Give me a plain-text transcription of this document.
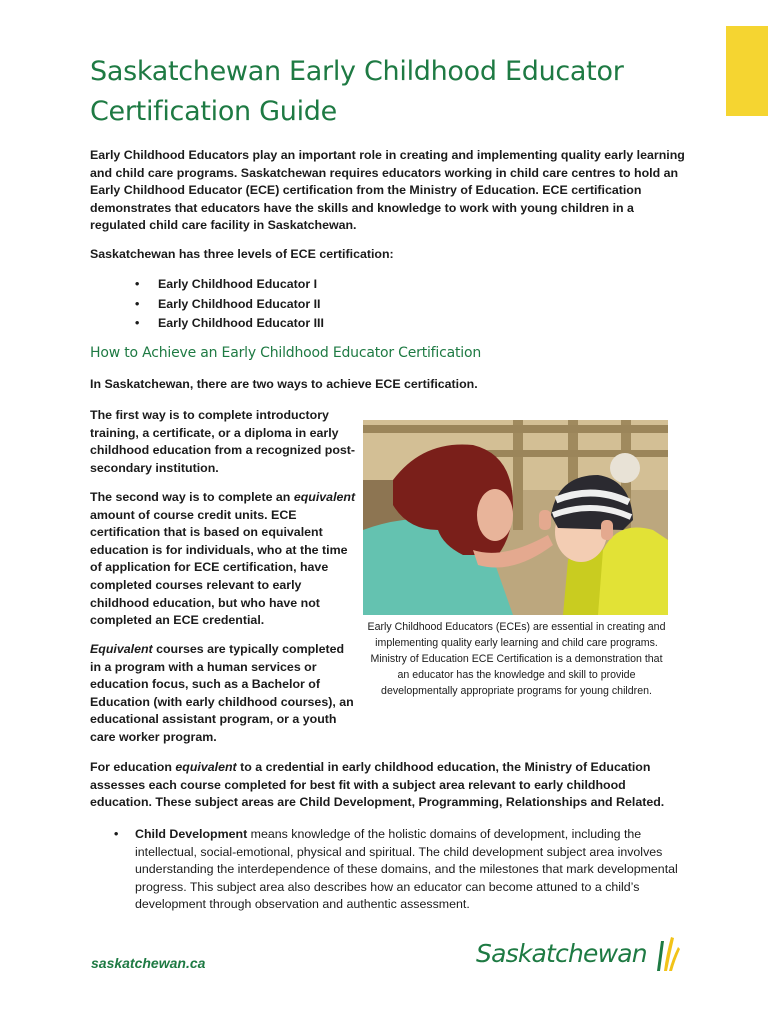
Saskatchewan Early Childhood Educator
Certification Guide

Early Childhood Educators play an important role in creating and implementing quality early learning and child care programs. Saskatchewan requires educators working in child care centres to hold an Early Childhood Educator (ECE) certification from the Ministry of Education. ECE certification demonstrates that educators have the skills and knowledge to work with young children in a regulated child care facility in Saskatchewan.

Saskatchewan has three levels of ECE certification:

• Early Childhood Educator I
• Early Childhood Educator II
• Early Childhood Educator III
How to Achieve an Early Childhood Educator Certification

In Saskatchewan, there are two ways to achieve ECE certification.

The first way is to complete introductory training, a certificate, or a diploma in early childhood education from a recognized post-secondary institution.

The second way is to complete an equivalent amount of course credit units. ECE certification that is based on equivalent education is for individuals, who at the time of application for ECE certification, have completed courses relevant to early childhood education, but who have not completed an ECE credential.

Equivalent courses are typically completed in a program with a human services or education focus, such as a Bachelor of Education (with early childhood courses), an educational assistant program, or a youth care worker program.

Early Childhood Educators (ECEs) are essential in creating and implementing quality early learning and child care programs. Ministry of Education ECE Certification is a demonstration that an educator has the knowledge and skill to provide developmentally appropriate programs for young children.

For education equivalent to a credential in early childhood education, the Ministry of Education assesses each course completed for best fit with a subject area relevant to early childhood education. These subject areas are Child Development, Programming, Relationships and Related.

• Child Development means knowledge of the holistic domains of development, including the intellectual, social-emotional, physical and spiritual. The child development subject area involves understanding the interdependence of these domains, and the milestones that mark developmental progress. This subject area also describes how an educator can become attuned to a child’s development through observation and authentic assessment.

saskatchewan.ca	Saskatchewan
